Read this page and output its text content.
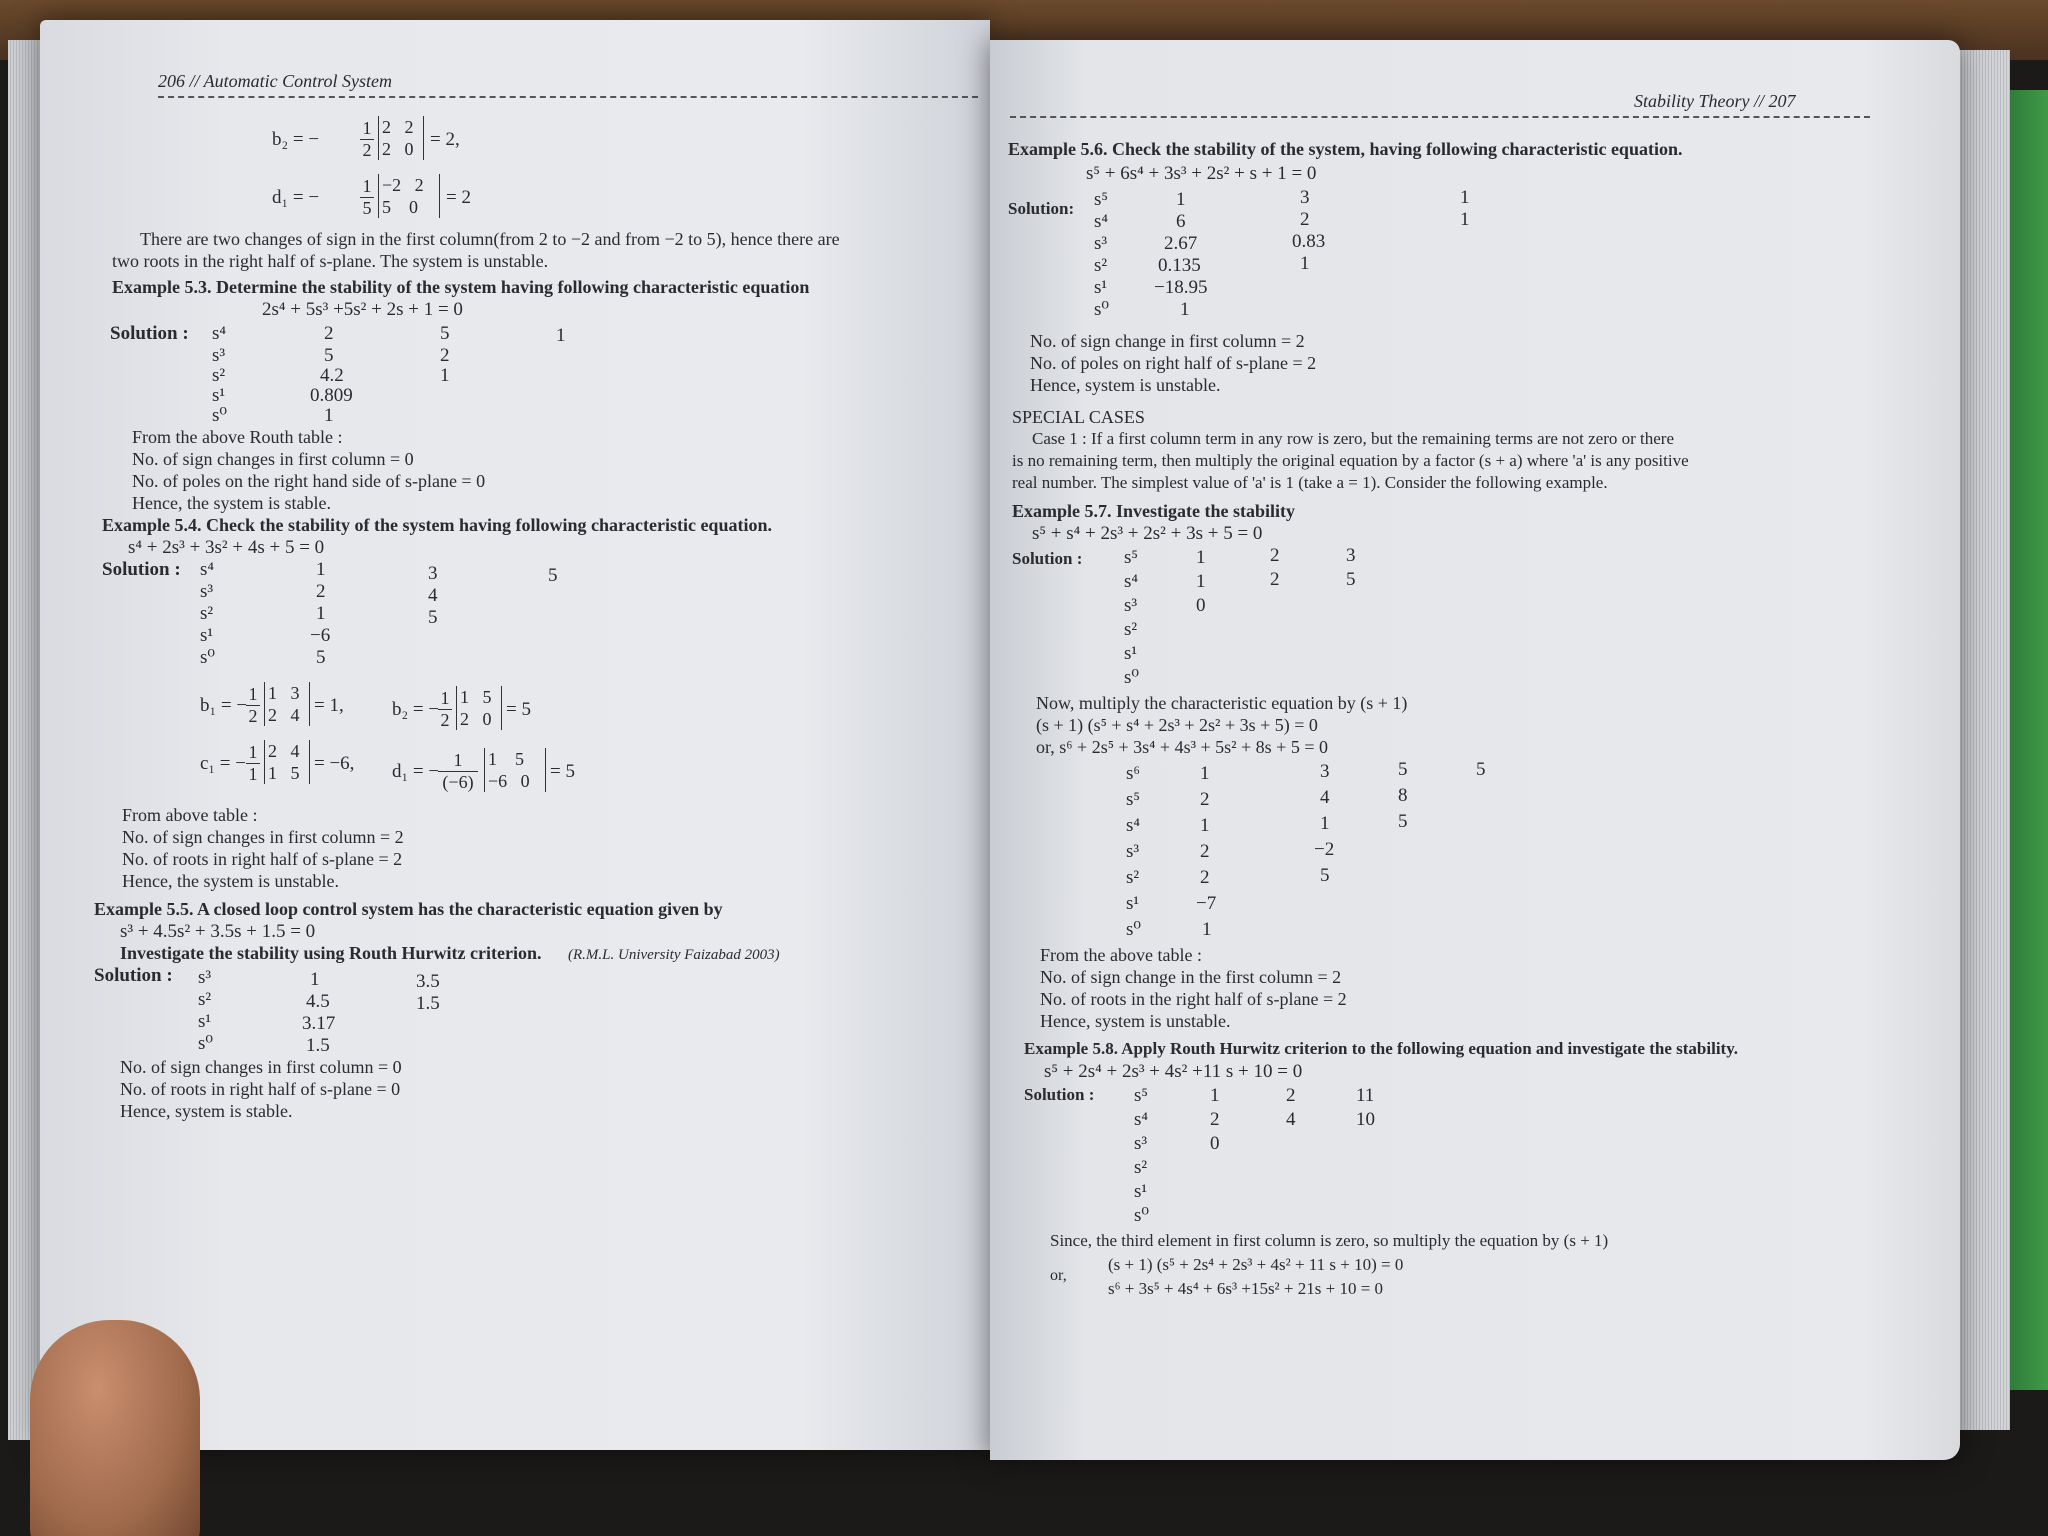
206 // Automatic Control System
b₂ = − $\frac{1}{2} 2$ 2
2 0 = 2,
d₁ = − $\frac{1}{5} -2$ 2
5 0	= 2
There are two changes of sign in the first column(from 2 to −2 and from −2 to 5), hence there are
two roots in the right half of s-plane. The system is unstable.
Example 5.3. Determine the stability of the system having following characteristic equation
2s⁴ + 5s³ +5s² + 2s + 1 = 0
Solution : s⁴	2	5	1
s³	5	2
s²	4.2	1
s¹	0.809
s⁰	1
From the above Routh table :
No. of sign changes in first column = 0
No. of poles on the right hand side of s-plane = 0
Hence, the system is stable.
Example 5.4. Check the stability of the system having following characteristic equation.
s⁴ + 2s³ + 3s² + 4s + 5 = 0
Solution : s⁴	1	3	5
s³	2	4
s²	1	5
s¹	−6
s⁰	5
b₁ = −
$\frac{1}{2} 1$ 3
2 4 = 1,	b₂ = −
$\frac{1}{2} 1$ 5
2 0 = 5
c₁ = − $\frac{1}{1} 2$ 4
1 5 = −6, d₁ = −
$\frac{1}{(-6)} 1$ 5
−6 0	= 5
From above table :
No. of sign changes in first column = 2
No. of roots in right half of s-plane = 2
Hence, the system is unstable.
Example 5.5. A closed loop control system has the characteristic equation given by
s³ + 4.5s² + 3.5s + 1.5 = 0
Investigate the stability using Routh Hurwitz criterion. (R.M.L. University Faizabad 2003)
Solution : s³	1	3.5
s²	4.5	1.5
s¹	3.17
s⁰	1.5
No. of sign changes in first column = 0
No. of roots in right half of s-plane = 0
Hence, system is stable.
Stability Theory // 207
Example 5.6. Check the stability of the system, having following characteristic equation.
s⁵ + 6s⁴ + 3s³ + 2s² + s + 1 = 0
Solution: s⁵	1	3	1
s⁴	6	2	1
s³	2.67	0.83
s²	0.135	1
s¹ −18.95
s⁰	1
No. of sign change in first column = 2
No. of poles on right half of s-plane = 2
Hence, system is unstable.
SPECIAL CASES
Case 1 : If a first column term in any row is zero, but the remaining terms are not zero or there
is no remaining term, then multiply the original equation by a factor (s + a) where 'a' is any positive
real number. The simplest value of 'a' is 1 (take a = 1). Consider the following example.
Example 5.7. Investigate the stability
s⁵ + s⁴ + 2s³ + 2s² + 3s + 5 = 0
Solution : s⁵	1	2	3
s⁴	1	2	5
s³	0
s²
s¹
s⁰
Now, multiply the characteristic equation by (s + 1)
(s + 1) (s⁵ + s⁴ + 2s³ + 2s² + 3s + 5) = 0
or, s⁶ + 2s⁵ + 3s⁴ + 4s³ + 5s² + 8s + 5 = 0
s⁶	1	3	5	5
s⁵	2	4	8
s⁴	1	1	5
s³	2	−2
s²	2	5
s¹	−7
s⁰	1
From the above table :
No. of sign change in the first column = 2
No. of roots in the right half of s-plane = 2
Hence, system is unstable.
Example 5.8. Apply Routh Hurwitz criterion to the following equation and investigate the stability.
s⁵ + 2s⁴ + 2s³ + 4s² +11 s + 10 = 0
Solution : s⁵	1	2	11
s⁴	2	4	10
s³	0
s²
s¹
s⁰
Since, the third element in first column is zero, so multiply the equation by (s + 1)
(s + 1) (s⁵ + 2s⁴ + 2s³ + 4s² + 11 s + 10) = 0
or,
s⁶ + 3s⁵ + 4s⁴ + 6s³ +15s² + 21s + 10 = 0
